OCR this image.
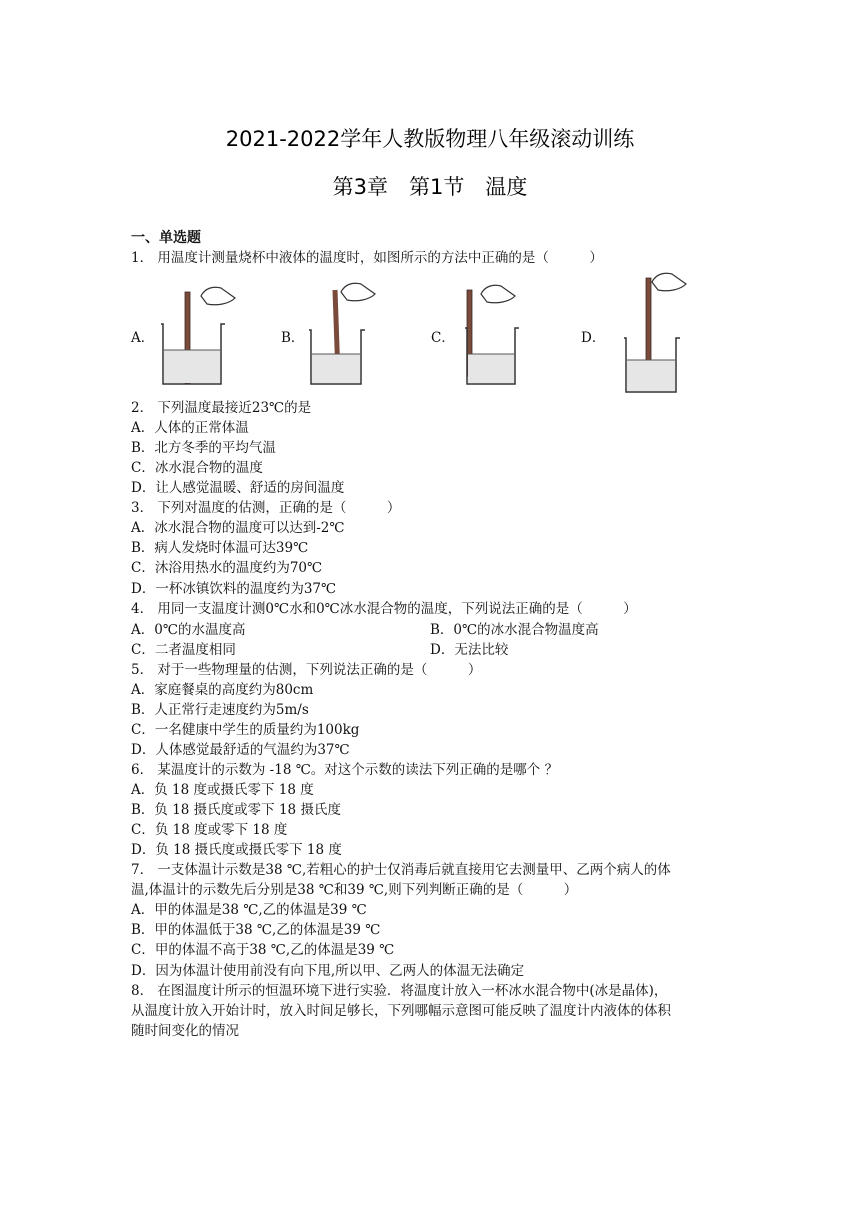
2021-2022学年人教版物理八年级滚动训练
第3章　第1节　温度
一、单选题
1． 用温度计测量烧杯中液体的温度时，如图所示的方法中正确的是（　　　）
A．	B．	C．	D．
2． 下列温度最接近23℃的是
A．人体的正常体温
B．北方冬季的平均气温
C．冰水混合物的温度
D．让人感觉温暖、舒适的房间温度
3． 下列对温度的估测，正确的是（　　　）
A．冰水混合物的温度可以达到-2℃
B．病人发烧时体温可达39℃
C．沐浴用热水的温度约为70℃
D．一杯冰镇饮料的温度约为37℃
4． 用同一支温度计测0℃水和0℃冰水混合物的温度，下列说法正确的是（　　　）
A．0℃的水温度高	B．0℃的冰水混合物温度高
C．二者温度相同	D．无法比较
5． 对于一些物理量的估测，下列说法正确的是（　　　）
A．家庭餐桌的高度约为80cm
B．人正常行走速度约为5m/s
C．一名健康中学生的质量约为100kg
D．人体感觉最舒适的气温约为37℃
6． 某温度计的示数为 -18 ℃。对这个示数的读法下列正确的是哪个 ？
A．负 18 度或摄氏零下 18 度
B．负 18 摄氏度或零下 18 摄氏度
C．负 18 度或零下 18 度
D．负 18 摄氏度或摄氏零下 18 度
7． 一支体温计示数是38 ℃,若粗心的护士仅消毒后就直接用它去测量甲、乙两个病人的体
温,体温计的示数先后分别是38 ℃和39 ℃,则下列判断正确的是（　　　）
A．甲的体温是38 ℃,乙的体温是39 ℃
B．甲的体温低于38 ℃,乙的体温是39 ℃
C．甲的体温不高于38 ℃,乙的体温是39 ℃
D．因为体温计使用前没有向下甩,所以甲、乙两人的体温无法确定
8． 在图温度计所示的恒温环境下进行实验．将温度计放入一杯冰水混合物中(冰是晶体)，
从温度计放入开始计时，放入时间足够长，下列哪幅示意图可能反映了温度计内液体的体积
随时间变化的情况
